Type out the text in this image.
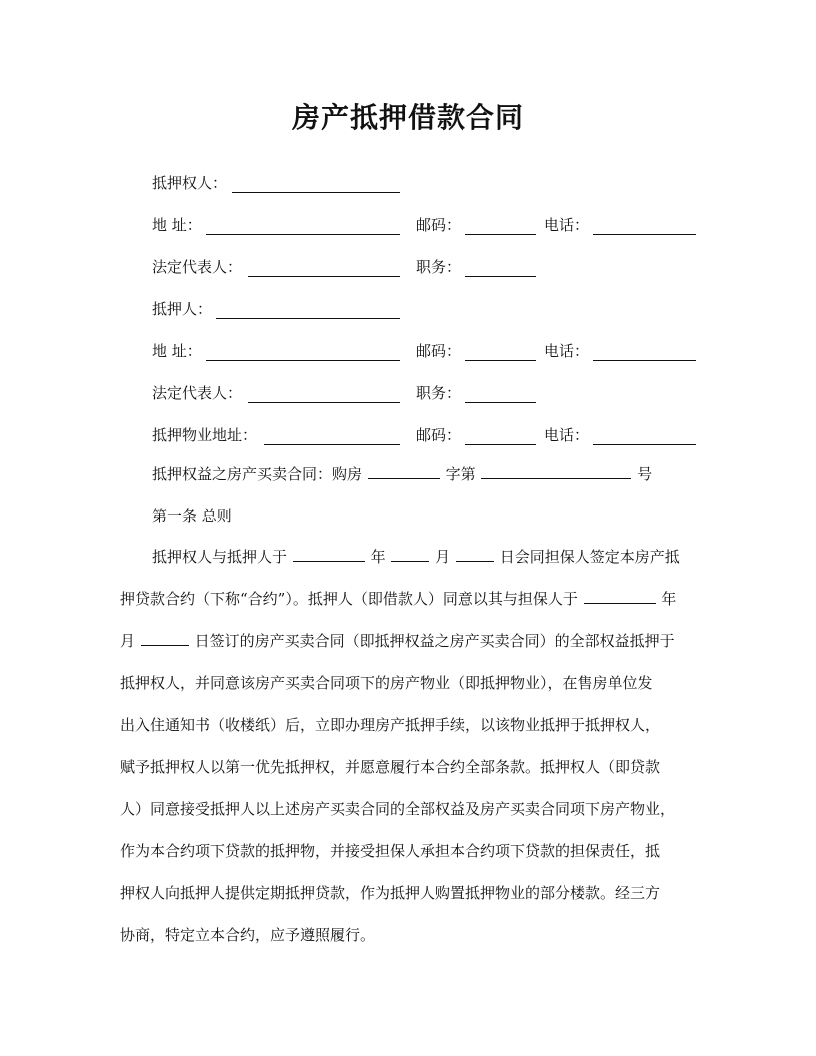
房产抵押借款合同
抵押权人：
地 址：	邮码：	电话：
法定代表人：	职务：
抵押人：
地 址：	邮码：	电话：
法定代表人：	职务：
抵押物业地址：	邮码：	电话：
抵押权益之房产买卖合同：购房	字第	号
第一条 总则
抵押权人与抵押人于	年	月	日会同担保人签定本房产抵
押贷款合约（下称“合约”）。抵押人（即借款人）同意以其与担保人于	年
月	日签订的房产买卖合同（即抵押权益之房产买卖合同）的全部权益抵押于
抵押权人，并同意该房产买卖合同项下的房产物业（即抵押物业），在售房单位发
出入住通知书（收楼纸）后，立即办理房产抵押手续，以该物业抵押于抵押权人，
赋予抵押权人以第一优先抵押权，并愿意履行本合约全部条款。抵押权人（即贷款
人）同意接受抵押人以上述房产买卖合同的全部权益及房产买卖合同项下房产物业，
作为本合约项下贷款的抵押物，并接受担保人承担本合约项下贷款的担保责任，抵
押权人向抵押人提供定期抵押贷款，作为抵押人购置抵押物业的部分楼款。经三方
协商，特定立本合约，应予遵照履行。
